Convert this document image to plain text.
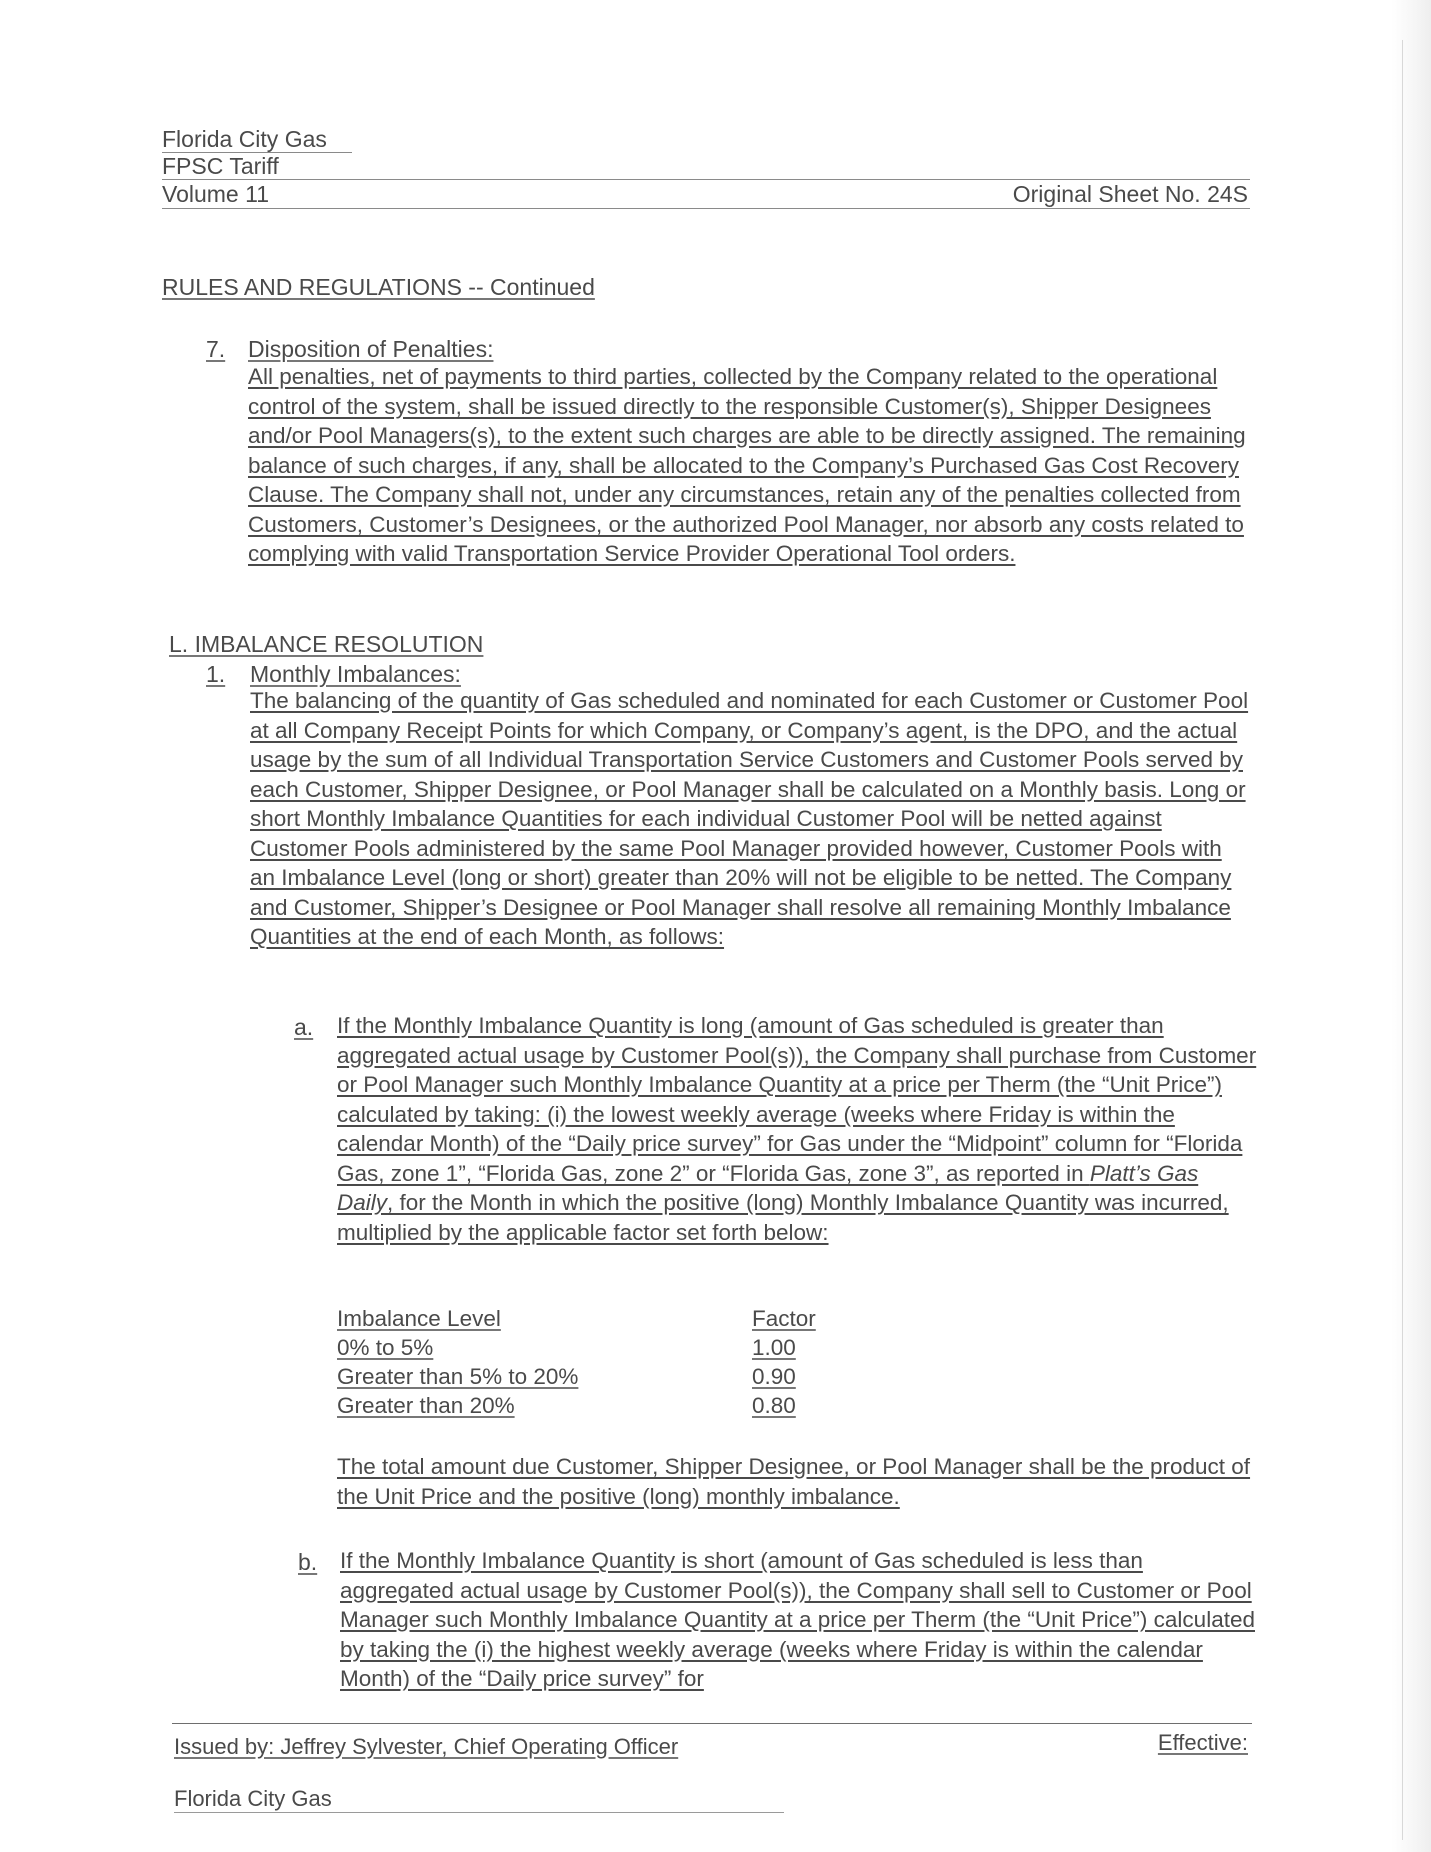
Florida City Gas
FPSC Tariff
Volume 11	Original Sheet No. 24S
RULES AND REGULATIONS -- Continued
7. Disposition of Penalties:

All penalties, net of payments to third parties, collected by the Company related to the operational control of the system, shall be issued directly to the responsible Customer(s), Shipper Designees and/or Pool Managers(s), to the extent such charges are able to be directly assigned. The remaining balance of such charges, if any, shall be allocated to the Company’s Purchased Gas Cost Recovery Clause. The Company shall not, under any circumstances, retain any of the penalties collected from Customers, Customer’s Designees, or the authorized Pool Manager, nor absorb any costs related to complying with valid Transportation Service Provider Operational Tool orders.

L. IMBALANCE RESOLUTION
1. Monthly Imbalances:

The balancing of the quantity of Gas scheduled and nominated for each Customer or Customer Pool at all Company Receipt Points for which Company, or Company’s agent, is the DPO, and the actual usage by the sum of all Individual Transportation Service Customers and Customer Pools served by each Customer, Shipper Designee, or Pool Manager shall be calculated on a Monthly basis. Long or short Monthly Imbalance Quantities for each individual Customer Pool will be netted against Customer Pools administered by the same Pool Manager provided however, Customer Pools with an Imbalance Level (long or short) greater than 20% will not be eligible to be netted. The Company and Customer, Shipper’s Designee or Pool Manager shall resolve all remaining Monthly Imbalance Quantities at the end of each Month, as follows:

a. If the Monthly Imbalance Quantity is long (amount of Gas scheduled is greater than aggregated actual usage by Customer Pool(s)), the Company shall purchase from Customer or Pool Manager such Monthly Imbalance Quantity at a price per Therm (the “Unit Price”) calculated by taking: (i) the lowest weekly average (weeks where Friday is within the calendar Month) of the “Daily price survey” for Gas under the “Midpoint” column for “Florida Gas, zone 1”, “Florida Gas, zone 2” or “Florida Gas, zone 3”, as reported in Platt’s Gas Daily, for the Month in which the positive (long) Monthly Imbalance Quantity was incurred, multiplied by the applicable factor set forth below:

Imbalance Level	Factor
0% to 5%	1.00
Greater than 5% to 20%	0.90
Greater than 20%	0.80

The total amount due Customer, Shipper Designee, or Pool Manager shall be the product of the Unit Price and the positive (long) monthly imbalance.

b. If the Monthly Imbalance Quantity is short (amount of Gas scheduled is less than aggregated actual usage by Customer Pool(s)), the Company shall sell to Customer or Pool Manager such Monthly Imbalance Quantity at a price per Therm (the “Unit Price”) calculated by taking the (i) the highest weekly average (weeks where Friday is within the calendar Month) of the “Daily price survey” for

Issued by: Jeffrey Sylvester, Chief Operating Officer	Effective:
Florida City Gas
